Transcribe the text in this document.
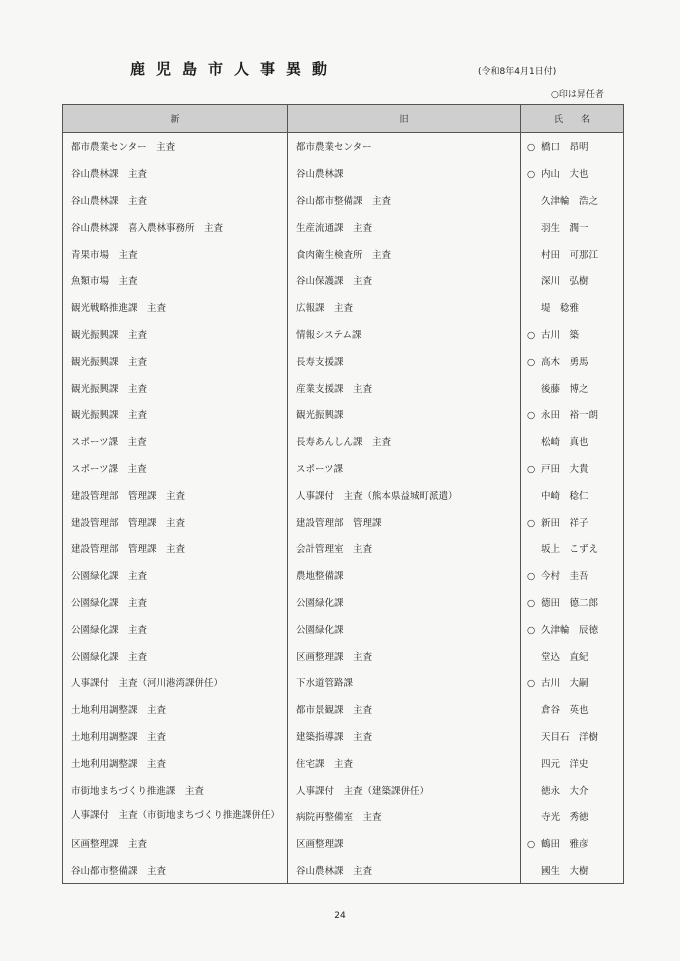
鹿児島市人事異動	(令和8年4月1日付)
○印は昇任者
新	旧	氏　　名
都市農業センター　主査	都市農業センター	○ 橋口　昂明
谷山農林課　主査	谷山農林課	○ 内山　大也
谷山農林課　主査	谷山都市整備課　主査	久津輪　浩之
谷山農林課　喜入農林事務所　主査	生産流通課　主査	羽生　潤一
青果市場　主査	食肉衛生検査所　主査	村田　可那江
魚類市場　主査	谷山保護課　主査	深川　弘樹
観光戦略推進課　主査	広報課　主査	堤　稔雅
観光振興課　主査	情報システム課	○ 古川　築
観光振興課　主査	長寿支援課	○ 高木　勇馬
観光振興課　主査	産業支援課　主査	後藤　博之
観光振興課　主査	観光振興課	○ 永田　裕一朗
スポーツ課　主査	長寿あんしん課　主査	松崎　真也
スポーツ課　主査	スポーツ課	○ 戸田　大貴
建設管理部　管理課　主査	人事課付　主査（熊本県益城町派遣）	中崎　稔仁
建設管理部　管理課　主査	建設管理部　管理課	○ 新田　祥子
建設管理部　管理課　主査	会計管理室　主査	坂上　こずえ
公園緑化課　主査	農地整備課	○ 今村　圭吾
公園緑化課　主査	公園緑化課	○ 德田　德二郎
公園緑化課　主査	公園緑化課	○ 久津輪　辰徳
公園緑化課　主査	区画整理課　主査	堂込　直紀
人事課付　主査（河川港湾課併任）	下水道管路課	○ 古川　大嗣
土地利用調整課　主査	都市景観課　主査	倉谷　英也
土地利用調整課　主査	建築指導課　主査	天目石　洋樹
土地利用調整課　主査	住宅課　主査	四元　洋史
市街地まちづくり推進課　主査	人事課付　主査（建築課併任）	徳永　大介
人事課付　主査（市街地まちづくり推進課併任）	病院再整備室　主査	寺光　秀徳
区画整理課　主査	区画整理課	○ 鶴田　雅彦
谷山都市整備課　主査	谷山農林課　主査	國生　大樹
24
